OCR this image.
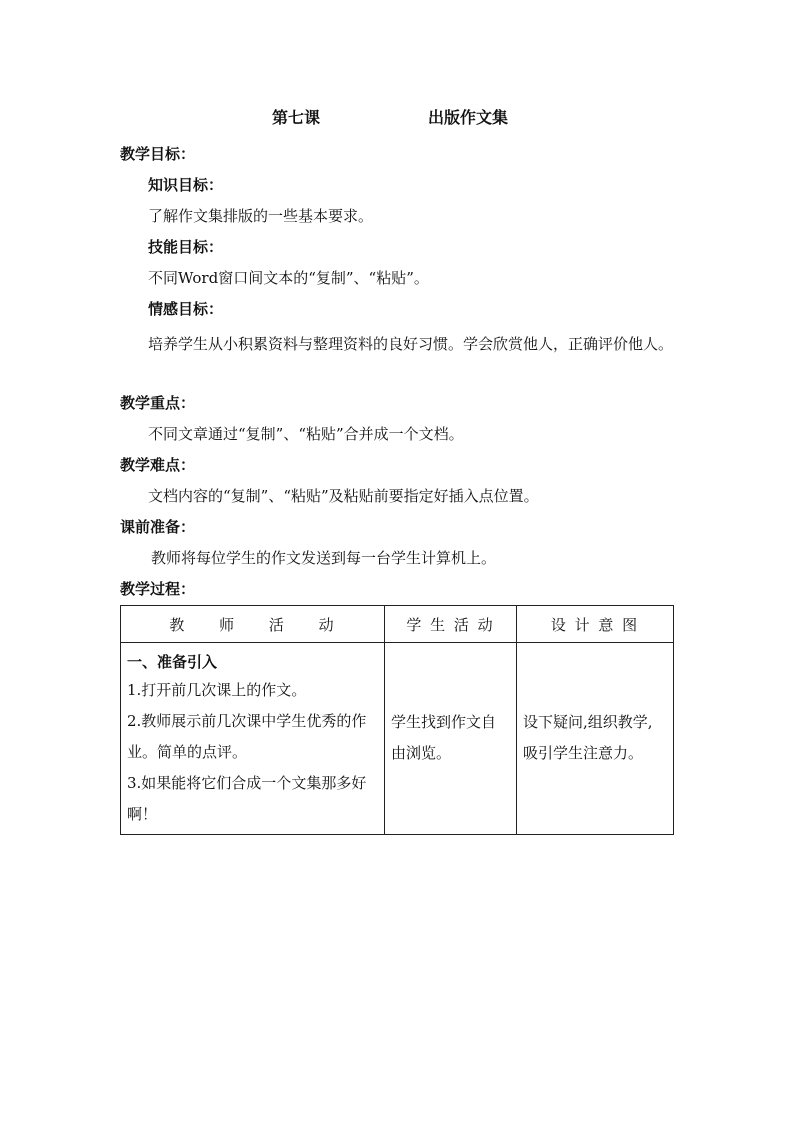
第七课	出版作文集
教学目标：
知识目标：
了解作文集排版的一些基本要求。
技能目标：
不同Word窗口间文本的“复制”、“粘贴”。
情感目标：
培养学生从小积累资料与整理资料的良好习惯。学会欣赏他人，正确评价他人。
教学重点：
不同文章通过“复制”、“粘贴”合并成一个文档。
教学难点：
文档内容的“复制”、“粘贴”及粘贴前要指定好插入点位置。
课前准备：
教师将每位学生的作文发送到每一台学生计算机上。
教学过程：
教 师 活 动	学 生 活 动	设 计 意 图

一、准备引入
1.打开前几次课上的作文。
2.教师展示前几次课中学生优秀的作业。简单的点评。
3.如果能将它们合成一个文集那多好啊！	学生找到作文自由浏览。	设下疑问,组织教学,吸引学生注意力。
